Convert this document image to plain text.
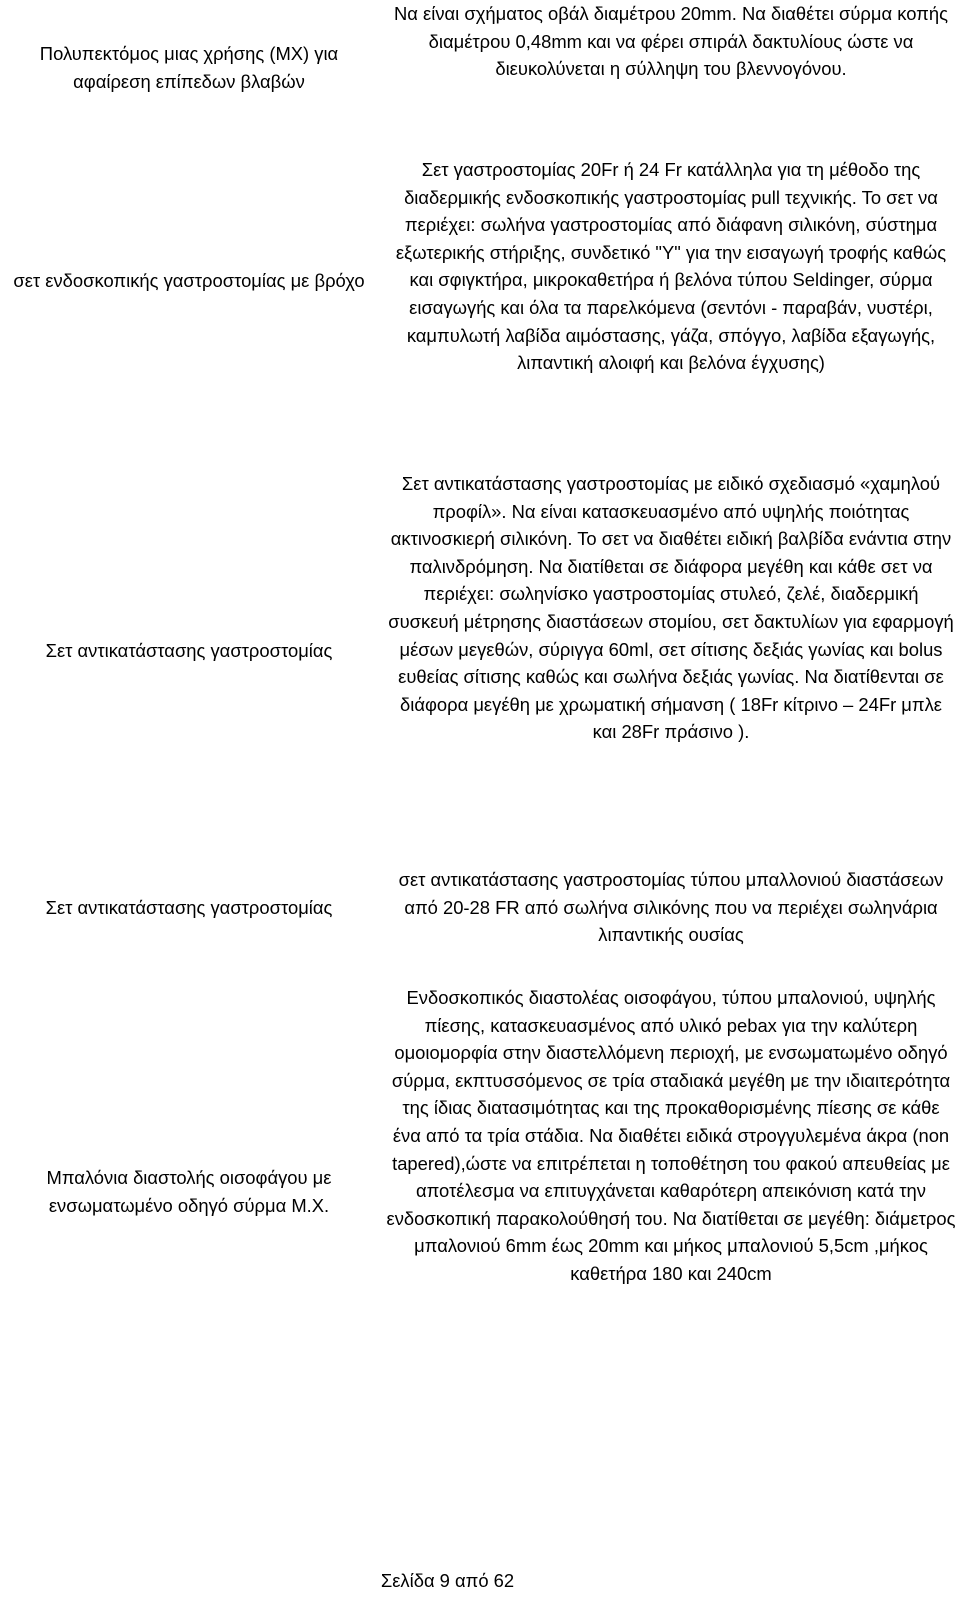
Πολυπεκτόμος μιας χρήσης (ΜΧ) για αφαίρεση επίπεδων βλαβών
Να είναι σχήματος οβάλ διαμέτρου 20mm. Να διαθέτει σύρμα κοπής διαμέτρου 0,48mm και να φέρει σπιράλ δακτυλίους ώστε να διευκολύνεται η σύλληψη του βλεννογόνου.
σετ ενδοσκοπικής γαστροστομίας με βρόχο
Σετ γαστροστομίας 20Fr ή 24 Fr κατάλληλα για τη μέθοδο της διαδερμικής ενδοσκοπικής γαστροστομίας pull τεχνικής. Το σετ να περιέχει: σωλήνα γαστροστομίας από διάφανη σιλικόνη, σύστημα εξωτερικής στήριξης, συνδετικό "Y" για την εισαγωγή τροφής καθώς και σφιγκτήρα, μικροκαθετήρα ή βελόνα τύπου Seldinger, σύρμα εισαγωγής και όλα τα παρελκόμενα (σεντόνι - παραβάν, νυστέρι, καμπυλωτή λαβίδα αιμόστασης, γάζα, σπόγγο, λαβίδα εξαγωγής, λιπαντική αλοιφή και βελόνα έγχυσης)
Σετ αντικατάστασης γαστροστομίας
Σετ αντικατάστασης γαστροστομίας με ειδικό σχεδιασμό «χαμηλού προφίλ». Να είναι κατασκευασμένο από υψηλής ποιότητας ακτινοσκιερή σιλικόνη. Το σετ να διαθέτει ειδική βαλβίδα ενάντια στην παλινδρόμηση. Να διατίθεται σε διάφορα μεγέθη και κάθε σετ να περιέχει: σωληνίσκο γαστροστομίας στυλεό, ζελέ, διαδερμική συσκευή μέτρησης διαστάσεων στομίου, σετ δακτυλίων για εφαρμογή μέσων μεγεθών, σύριγγα 60ml, σετ σίτισης δεξιάς γωνίας και bolus ευθείας σίτισης καθώς και σωλήνα δεξιάς γωνίας. Να διατίθενται σε διάφορα μεγέθη με χρωματική σήμανση ( 18Fr κίτρινο – 24Fr μπλε και 28Fr πράσινο ).
Σετ αντικατάστασης γαστροστομίας
σετ αντικατάστασης γαστροστομίας τύπου μπαλλονιού διαστάσεων από 20-28 FR από σωλήνα σιλικόνης που να περιέχει σωληνάρια λιπαντικής ουσίας
Μπαλόνια διαστολής οισοφάγου με ενσωματωμένο οδηγό σύρμα Μ.Χ.
Ενδοσκοπικός διαστολέας οισοφάγου, τύπου μπαλονιού, υψηλής πίεσης, κατασκευασμένος από υλικό pebax για την καλύτερη ομοιομορφία στην διαστελλόμενη περιοχή, με ενσωματωμένο οδηγό σύρμα, εκπτυσσόμενος σε τρία σταδιακά μεγέθη με την ιδιαιτερότητα της ίδιας διατασιμότητας και της προκαθορισμένης πίεσης σε κάθε ένα από τα τρία στάδια. Να διαθέτει ειδικά στρογγυλεμένα άκρα (non tapered),ώστε να επιτρέπεται η τοποθέτηση του φακού απευθείας με αποτέλεσμα να επιτυγχάνεται καθαρότερη απεικόνιση κατά την ενδοσκοπική παρακολούθησή του. Να διατίθεται σε μεγέθη: διάμετρος μπαλονιού 6mm έως 20mm και μήκος μπαλονιού 5,5cm ,μήκος καθετήρα 180 και 240cm
Σελίδα 9 από 62
